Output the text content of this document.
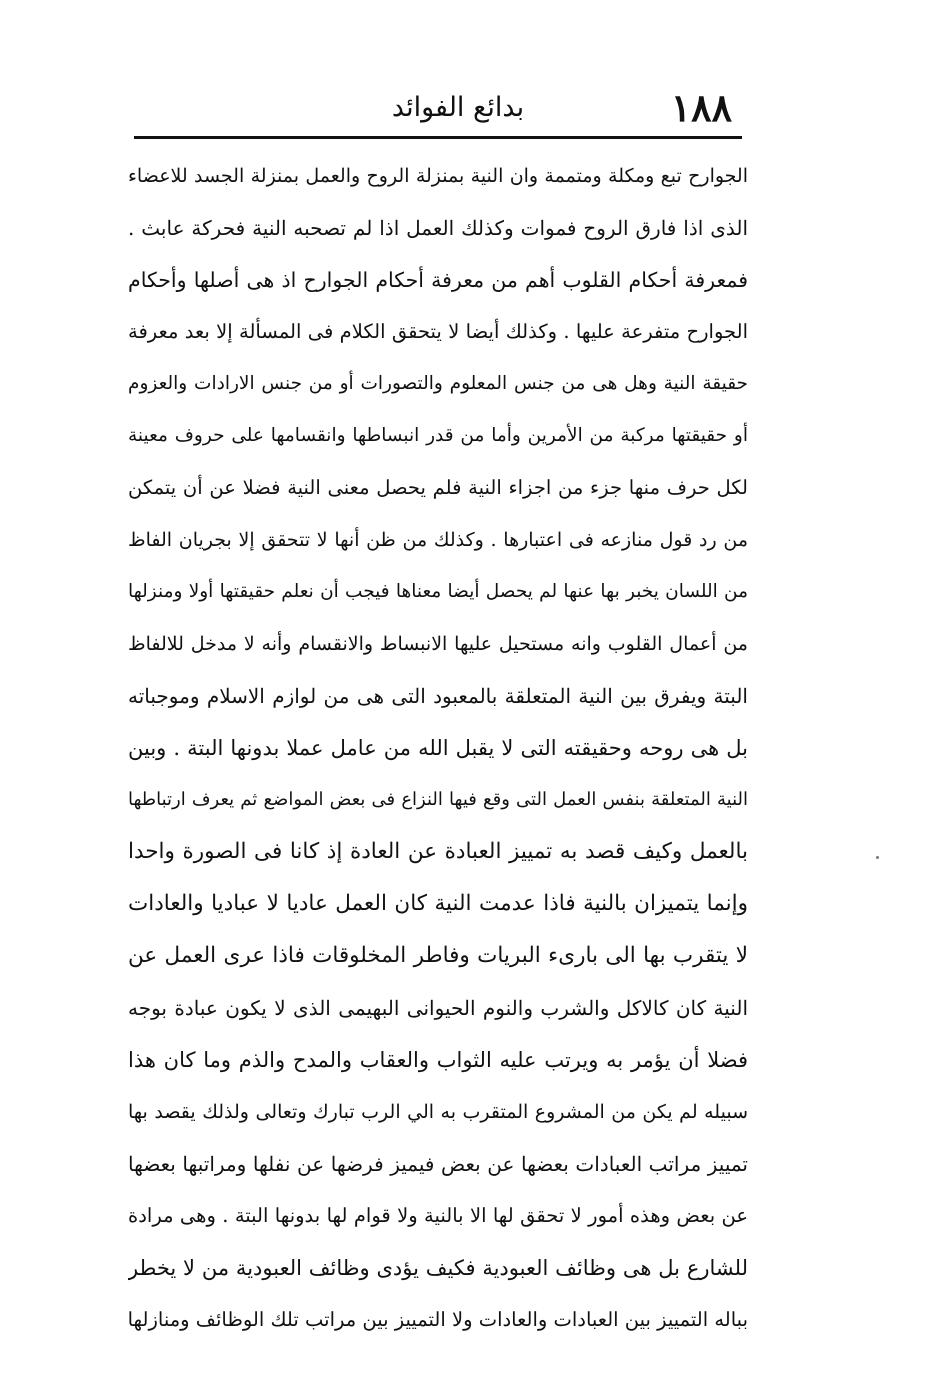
١٨٨
بدائع الفوائد
الجوارح تبع ومكلة ومتممة وان النية بمنزلة الروح والعمل بمنزلة الجسد للاعضاء
الذى اذا فارق الروح فموات وكذلك العمل اذا لم تصحبه النية فحركة عابث .
فمعرفة أحكام القلوب أهم من معرفة أحكام الجوارح اذ هى أصلها وأحكام
الجوارح متفرعة عليها . وكذلك أيضا لا يتحقق الكلام فى المسألة إلا بعد معرفة
حقيقة النية وهل هى من جنس المعلوم والتصورات أو من جنس الارادات والعزوم
أو حقيقتها مركبة من الأمرين وأما من قدر انبساطها وانقسامها على حروف معينة
لكل حرف منها جزء من اجزاء النية فلم يحصل معنى النية فضلا عن أن يتمكن
من رد قول منازعه فى اعتبارها . وكذلك من ظن أنها لا تتحقق إلا بجريان الفاظ
من اللسان يخبر بها عنها لم يحصل أيضا معناها فيجب أن نعلم حقيقتها أولا ومنزلها
من أعمال القلوب وانه مستحيل عليها الانبساط والانقسام وأنه لا مدخل للالفاظ
البتة ويفرق بين النية المتعلقة بالمعبود التى هى من لوازم الاسلام وموجباته
بل هى روحه وحقيقته التى لا يقبل الله من عامل عملا بدونها البتة . وبين
النية المتعلقة بنفس العمل التى وقع فيها النزاع فى بعض المواضع ثم يعرف ارتباطها
بالعمل وكيف قصد به تمييز العبادة عن العادة إذ كانا فى الصورة واحدا
وإنما يتميزان بالنية فاذا عدمت النية كان العمل عاديا لا عباديا والعادات
لا يتقرب بها الى بارىء البريات وفاطر المخلوقات فاذا عرى العمل عن
النية كان كالاكل والشرب والنوم الحيوانى البهيمى الذى لا يكون عبادة بوجه
فضلا أن يؤمر به ويرتب عليه الثواب والعقاب والمدح والذم وما كان هذا
سبيله لم يكن من المشروع المتقرب به الي الرب تبارك وتعالى ولذلك يقصد بها
تمييز مراتب العبادات بعضها عن بعض فيميز فرضها عن نفلها ومراتبها بعضها
عن بعض وهذه أمور لا تحقق لها الا بالنية ولا قوام لها بدونها البتة . وهى مرادة
للشارع بل هى وظائف العبودية فكيف يؤدى وظائف العبودية من لا يخطر
بباله التمييز بين العبادات والعادات ولا التمييز بين مراتب تلك الوظائف ومنازلها
